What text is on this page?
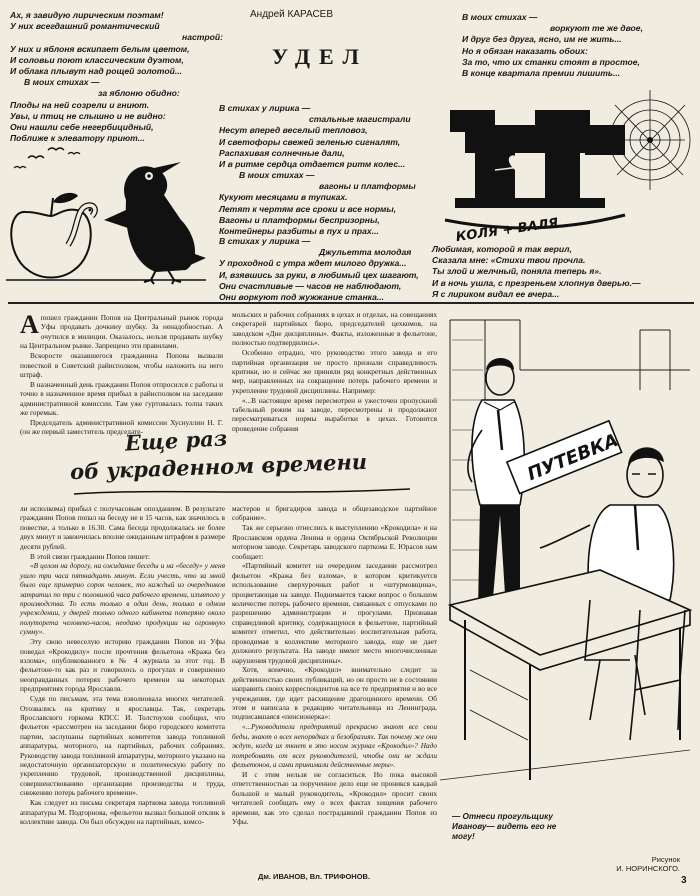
Андрей КАРАСЕВ
УДЕЛ
Ах, я завидую лирическим поэтам!
У них всегдашний романтический
настрой:
У них и яблоня вскипает белым цветом,
И соловьи поют классическим дуэтом,
И облака плывут над рощей золотой...
В моих стихах —
за яблоню обидно:
Плоды на ней созрели и гниют.
Увы, и птиц не слышно и не видно:
Они нашли себе негербицидный,
Поближе к элеватору приют...
В стихах у лирика —
стальные магистрали
Несут вперед веселый тепловоз,
И светофоры свежей зеленью сигналят,
Распахивая солнечные дали,
И в ритме сердца отдается ритм колес...
В моих стихах —
вагоны и платформы
Кукуют месяцами в тупиках.
Летят к чертям все сроки и все нормы,
Вагоны и платформы беспризорны,
Контейнеры разбиты в пух и прах...
В стихах у лирика —
Джульетта молодая
У проходной с утра ждет милого дружка...
И, взявшись за руки, в любимый цех шагают,
Они счастливые — часов не наблюдают,
Они воркуют под жужжание станка...
В моих стихах —
воркуют те же двое,
И друг без друга, ясно, им не жить...
Но я обязан наказать обоих:
За то, что их станки стоят в простое,
В конце квартала премии лишить...
Любимая, которой я так верил,
Сказала мне: «Стихи твои прочла.
Ты злой и желчный, поняла теперь я».
И в ночь ушла, с презреньем хлопнув дверью.—
Я с лириком видал ее вчера...
КОЛЯ + ВАЛЯ

Апошел гражданин Попов на Центральный рынок города Уфы продавать дочкину шубку. За ненадобностью. А очутился в милиции. Оказалось, нельзя продавать шубку на Центральном рынке. Запрещено эти правилами.

Вскоросте оказавшегося гражданина Попова вызвали повесткой в Советский райисполком, чтобы наложить на него штраф.

В назначенный день гражданин Попов отпросился с работы и точно в назначенное время прибыл в райисполком на заседание административной комиссии. Там уже гуртовалась толпа таких же горемык.

Председатель административной комиссии Хуснуллин Н. Г. (он же первый заместитель председате-

мольских и рабочих собраниях в цехах и отделах, на совещаниях секретарей партийных бюро, председателей цехкомов, на заводском «Дне дисциплины». Факты, изложенные в фельетоне, полностью подтвердились».

Особенно отрадно, что руководство этого завода и его партийная организация не просто признали справедливость критики, но и сейчас же приняли ряд конкретных действенных мер, направленных на сокращение потерь рабочего времени и укрепление трудовой дисциплины. Например:

«...В настоящее время пересмотрен и ужесточен пропускной табельный режим на заводе, пересмотрены и продолжают пересматриваться нормы выработки в цехах. Готовится проведение собрания

Еще раз
об украденном времени

ли исполкома) прибыл с получасовым опозданием. В результате гражданин Попов попал на беседу не в 15 часов, как значилось в повестке, а только в 16.30. Сама беседа продолжалась не более двух минут и закончилась вполне ожиданным штрафом в размере десяти рублей.

В этой связи гражданин Попов пишет:

«В целом на дорогу, на ожидание беседы и на «беседу» у меня ушло три часа пятнадцать минут. Если учесть, что за мной было еще примерно сорок человек, то каждый из очередников затратил по три с половиной часа рабочего времени, изъятого у производства. То есть только в один день, только в одном учреждении, у дверей только одного кабинета потеряно около полуторета человеко-часов, неодано продукции на огромную сумму».

Эту свою невеселую историю гражданин Попов из Уфы поведал «Крокодилу» после прочтения фельетона «Кража без взлома», опубликованного в № 4 журнала за этот год. В фельетоне-то как раз и говорилось о прогулах и совершенно неоправданных потерях рабочего времени на некоторых предприятиях города Ярославля.

Судя по письмам, эта тема взволновала многих читателей. Отозвались на критику и ярославцы. Так, секретарь Ярославского горкома КПСС И. Толстоухов сообщил, что фельетон «рассмотрен на заседании бюро городского комитета партии, заслушаны партийных комитетов завода топливной аппаратуры, моторного, на партийных, рабочих собраниях. Руководству завода топливной аппаратуры, моторного указано на недостаточную организаторскую и политическую работу по укреплению трудовой, производственной дисциплины, совершенствованию организации производства и труда, снижению потерь рабочего времени».

Как следует из письма секретаря парткома завода топливной аппаратуры М. Подгорнова, «фельетон вызвал большой отклик в коллективе завода. Он был обсужден на партийных, комсо-

мастеров и бригадиров завода и общезаводское партийное собрание».

Так же серьезно отнеслись к выступлению «Крокодила» и на Ярославском ордена Ленина и ордена Октябрьской Революции моторном заводе. Секретарь заводского парткома Е. Юрасов нам сообщает:

«Партийный комитет на очередном заседании рассмотрел фельетон «Кража без взлома», в котором критикуется использование сверхурочных работ и «штурмовщина», процветающая на заводе. Поднимается также вопрос о большом количестве потерь рабочего времени, связанных с отпусками по разрешению администрации и прогулами. Признавая справедливой критику, содержащуюся в фельетоне, партийный комитет отметил, что действительно воспитательная работа, проводимая в коллективе моторного завода, еще не дает должного результата. На заводе имеют место многочисленные нарушения трудовой дисциплины».

Хотя, конечно, «Крокодил» внимательно следит за действенностью своих публикаций, но он просто не в состоянии направить своих корреспондентов на все те предприятия и во все учреждения, где идет расхищение драгоценного времени. Об этом и написала в редакцию читательница из Ленинграда, подписавшаяся «пенсионерка»:

«...Руководители предприятий прекрасно знают все свои беды, знают о всех непорядках и безобразиях. Так почему же они ждут, когда их ткнет в это носом журнал «Крокодил»? Надо потребовать от всех руководителей, чтобы они не ждали фельетонов, а сами принимали действенные меры».

И с этим нельзя не согласиться. Но пока высокой ответственностью за порученное дело еще не проникся каждый большой и малый руководитель, «Крокодил» просит своих читателей сообщать ему о всех фактах хищения рабочего времени, как это сделал пострадавший гражданин Попов из Уфы.

Дм. ИВАНОВ, Вл. ТРИФОНОВ.
ПУТЕВКА
— Отнеси прогульщику
Иванову— видеть его не
могу!
Рисунок
И. НОРИНСКОГО.
3
